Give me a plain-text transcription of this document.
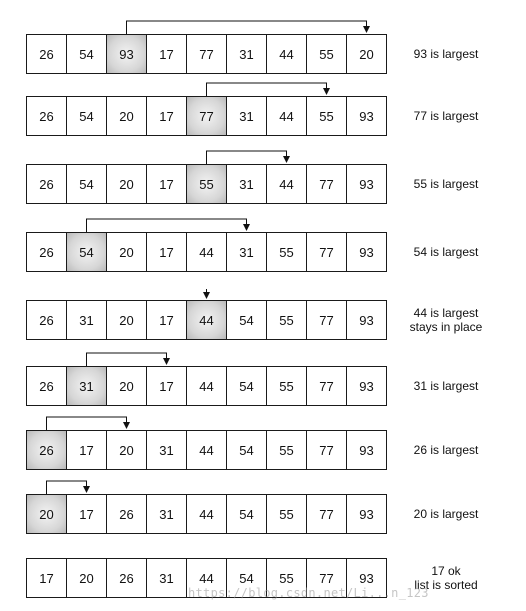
26	54	93	17	77	31	44	55	20	93 is largest
26	54	20	17	77	31	44	55	93	77 is largest
26	54	20	17	55	31	44	77	93	55 is largest
26	54	20	17	44	31	55	77	93	54 is largest
26	31	20	17	44	54	55	77	93	44 is largest
stays in place
26	31	20	17	44	54	55	77	93	31 is largest
26	17	20	31	44	54	55	77	93	26 is largest
20	17	26	31	44	54	55	77	93	20 is largest
17	20	26	31	44	54	55	77	93	17 ok
list is sorted
https://blog.csdn.net/Li...n_123
